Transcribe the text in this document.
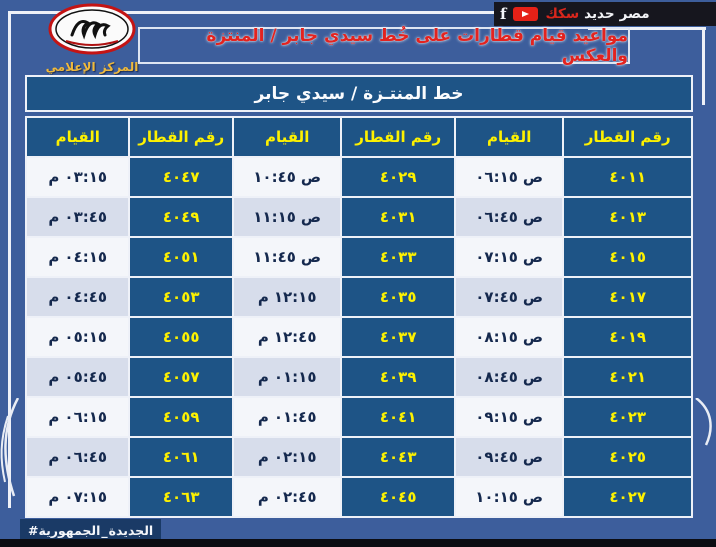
f	سكك حديد مصر
المركز الإعلامي
مواعيد قيام قطارات على خُط سيدي جابر / المنتزة والعكس
خط المنتـزة / سيدي جابر
رقم القطار
القيام
رقم القطار
القيام
رقم القطار
القيام
٤٠١١
٠٦:١٥ ص
٤٠٢٩
١٠:٤٥ ص
٤٠٤٧
م ٠٣:١٥
٤٠١٣
٠٦:٤٥ ص
٤٠٣١
١١:١٥ ص
٤٠٤٩
م ٠٣:٤٥
٤٠١٥
٠٧:١٥ ص
٤٠٣٣
١١:٤٥ ص
٤٠٥١
م ٠٤:١٥
٤٠١٧
٠٧:٤٥ ص
٤٠٣٥
م ١٢:١٥
٤٠٥٣
م ٠٤:٤٥
٤٠١٩
٠٨:١٥ ص
٤٠٣٧
م ١٢:٤٥
٤٠٥٥
م ٠٥:١٥
٤٠٢١
٠٨:٤٥ ص
٤٠٣٩
م ٠١:١٥
٤٠٥٧
م ٠٥:٤٥
٤٠٢٣
٠٩:١٥ ص
٤٠٤١
م ٠١:٤٥
٤٠٥٩
م ٠٦:١٥
٤٠٢٥
٠٩:٤٥ ص
٤٠٤٣
م ٠٢:١٥
٤٠٦١
م ٠٦:٤٥
٤٠٢٧
١٠:١٥ ص
٤٠٤٥
م ٠٢:٤٥
٤٠٦٣
م ٠٧:١٥
#الجمهورية _ الجديدة
